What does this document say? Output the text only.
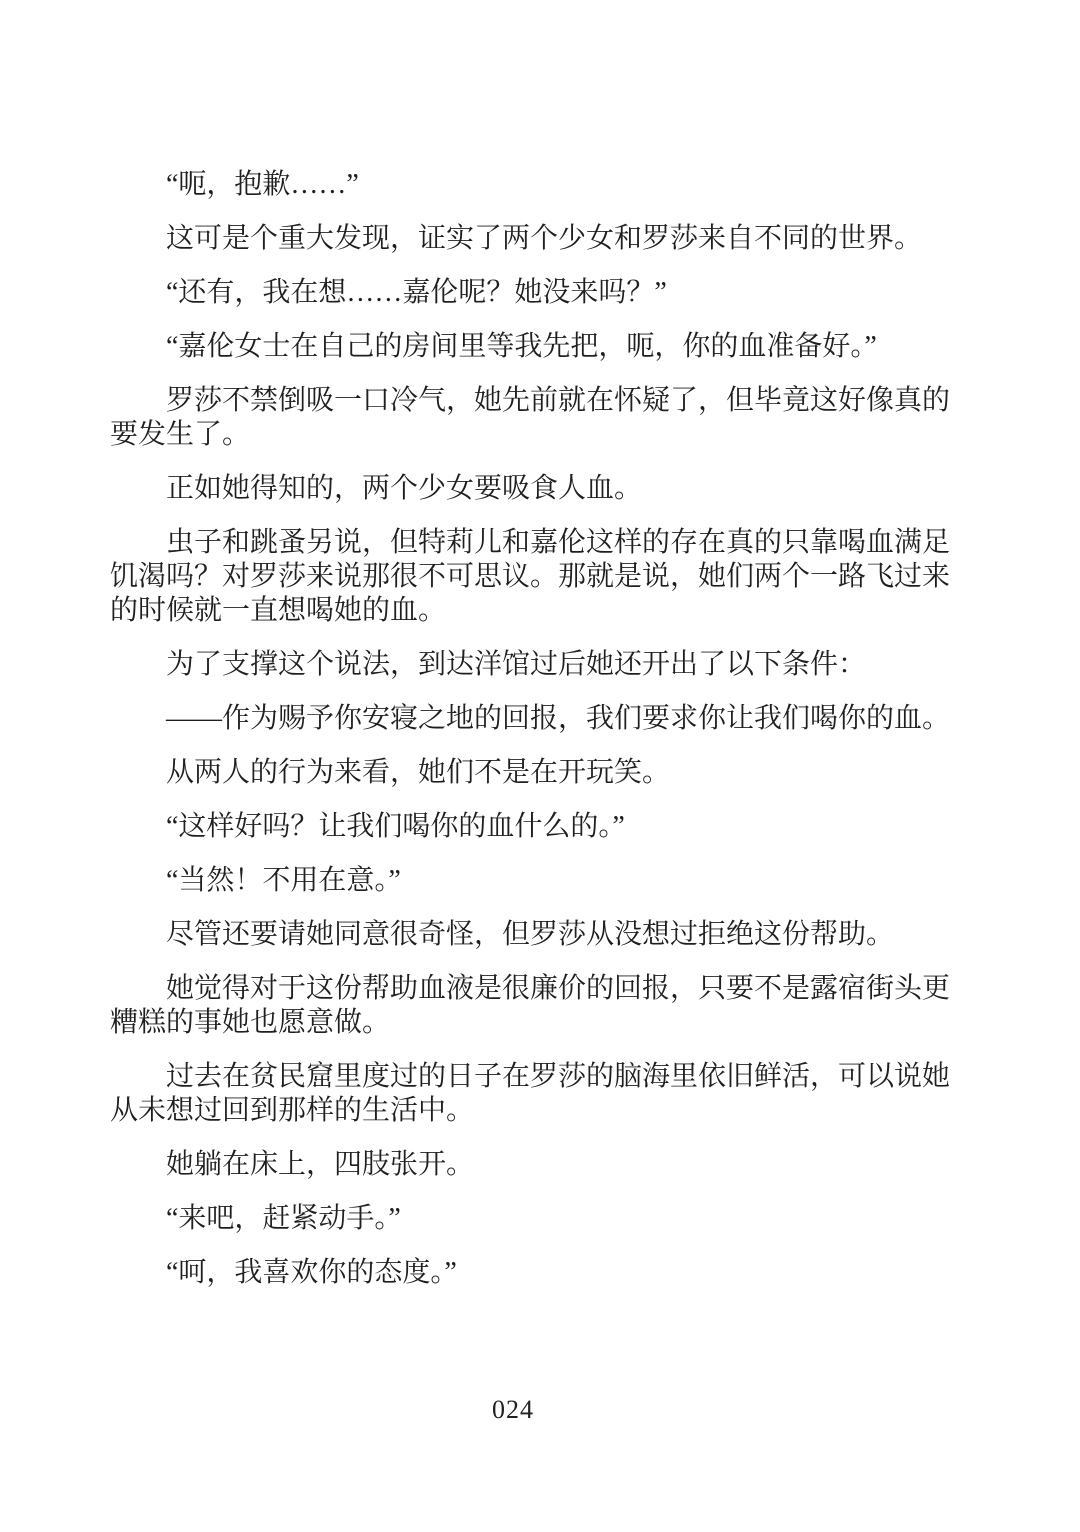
“呃，抱歉……”

这可是个重大发现，证实了两个少女和罗莎来自不同的世界。

“还有，我在想……嘉伦呢？她没来吗？”

“嘉伦女士在自己的房间里等我先把，呃，你的血准备好。”

罗莎不禁倒吸一口冷气，她先前就在怀疑了，但毕竟这好像真的要发生了。

正如她得知的，两个少女要吸食人血。

虫子和跳蚤另说，但特莉儿和嘉伦这样的存在真的只靠喝血满足饥渴吗？对罗莎来说那很不可思议。那就是说，她们两个一路飞过来的时候就一直想喝她的血。

为了支撑这个说法，到达洋馆过后她还开出了以下条件：

——作为赐予你安寝之地的回报，我们要求你让我们喝你的血。

从两人的行为来看，她们不是在开玩笑。

“这样好吗？让我们喝你的血什么的。”

“当然！不用在意。”

尽管还要请她同意很奇怪，但罗莎从没想过拒绝这份帮助。

她觉得对于这份帮助血液是很廉价的回报，只要不是露宿街头更糟糕的事她也愿意做。

过去在贫民窟里度过的日子在罗莎的脑海里依旧鲜活，可以说她从未想过回到那样的生活中。

她躺在床上，四肢张开。

“来吧，赶紧动手。”

“呵，我喜欢你的态度。”

024
